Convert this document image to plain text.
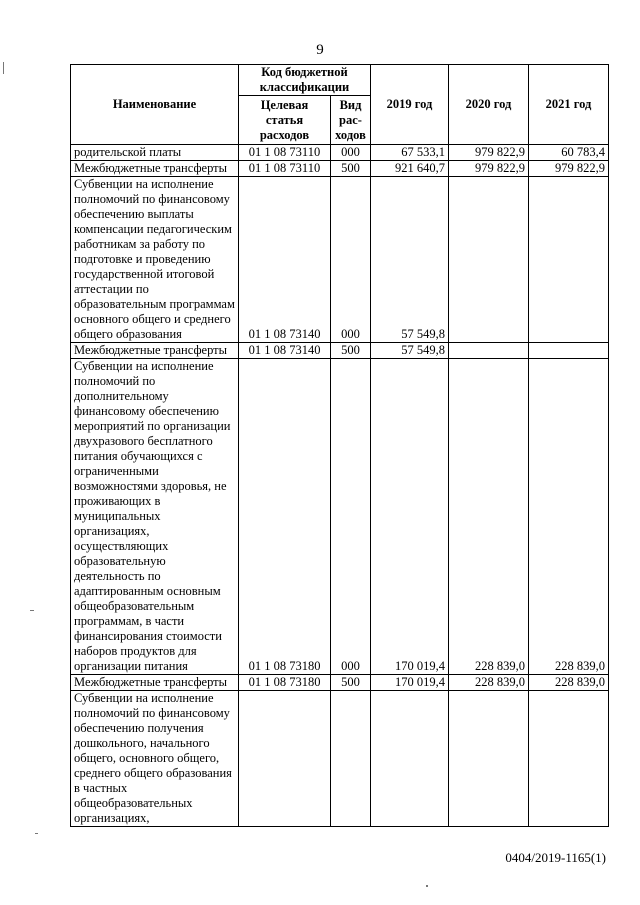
9
Наименование	Код бюджетной классификации		2019 год	2020 год	2021 год
	Целевая статья расходов	Вид рас-ходов			
родительской платы	01 1 08 73110	000	67 533,1	979 822,9	60 783,4
Межбюджетные трансферты	01 1 08 73110	500	921 640,7	979 822,9	979 822,9
Субвенции на исполнение полномочий по финансовому обеспечению выплаты компенсации педагогическим работникам за работу по подготовке и проведению государственной итоговой аттестации по образовательным программам основного общего и среднего общего образования	01 1 08 73140	000	57 549,8		
Межбюджетные трансферты	01 1 08 73140	500	57 549,8		
Субвенции на исполнение полномочий по дополнительному финансовому обеспечению мероприятий по организации двухразового бесплатного питания обучающихся с ограниченными возможностями здоровья, не проживающих в муниципальных организациях, осуществляющих образовательную деятельность по адаптированным основным общеобразовательным программам, в части финансирования стоимости наборов продуктов для организации питания	01 1 08 73180	000	170 019,4	228 839,0	228 839,0
Межбюджетные трансферты	01 1 08 73180	500	170 019,4	228 839,0	228 839,0
Субвенции на исполнение полномочий по финансовому обеспечению получения дошкольного, начального общего, основного общего, среднего общего образования в частных общеобразовательных организациях,					
0404/2019-1165(1)
